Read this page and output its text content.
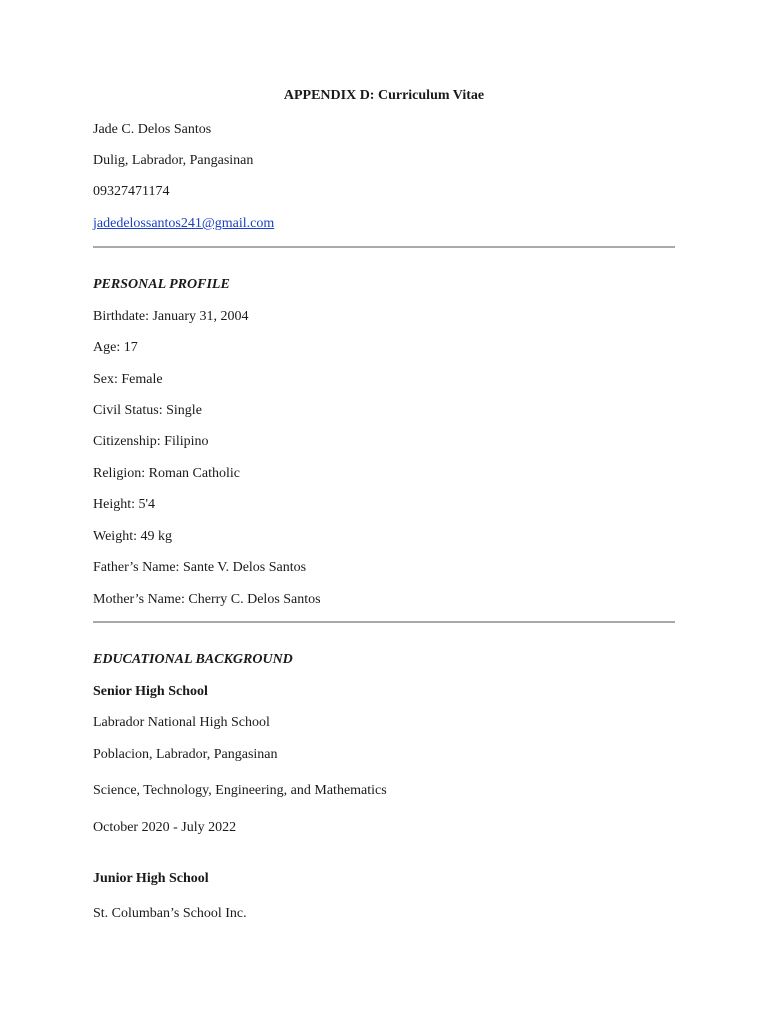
APPENDIX D: Curriculum Vitae
Jade C. Delos Santos
Dulig, Labrador, Pangasinan
09327471174
jadedelossantos241@gmail.com
PERSONAL PROFILE
Birthdate: January 31, 2004
Age: 17
Sex: Female
Civil Status: Single
Citizenship: Filipino
Religion: Roman Catholic
Height: 5'4
Weight: 49 kg
Father’s Name: Sante V. Delos Santos
Mother’s Name: Cherry C. Delos Santos
EDUCATIONAL BACKGROUND
Senior High School
Labrador National High School
Poblacion, Labrador, Pangasinan
Science, Technology, Engineering, and Mathematics
October 2020 - July 2022
Junior High School
St. Columban’s School Inc.
